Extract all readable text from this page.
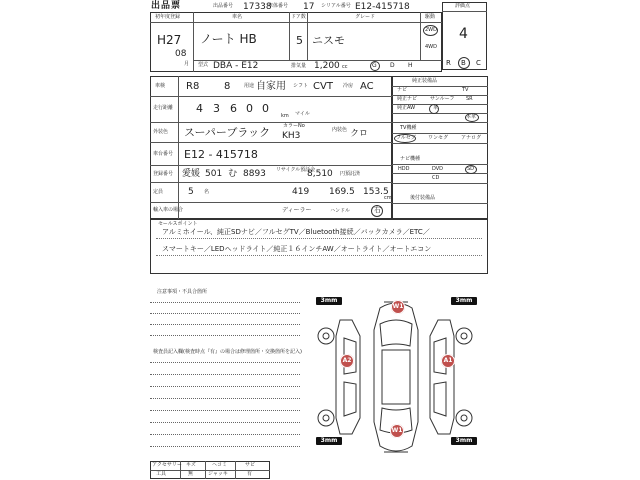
出品票	出品番号 17338
車体番号 17 シリアル番号 E12-415718
初年度登録
H27
08
月
車名
ノート HB
ドア数
5
グレード
ニスモ
駆動
2WD
4WD
型式 DBA - E12	排気量 1,200 cc	G D H
評価点
4
R B C
車検 R8 8	用途 自家用 シフト CVT 冷房 AC
走行距離 4 3 6 0 0
km マイル
外装色 スーパーブラック	カラーNo
KH3
内装色 クロ
車台番号 E12 - 415718
登録番号 愛媛 501 む 8893 リサイクル預託金
8,510 円預託済
定員	5 名	419 169.5 153.5
cm
輸入車の場合	ディーラー	ハンドル	右
純正装備品
ナビ	TV
純正ナビ	サンルーフ SR
純正AW	革
本革
TV機種
フルセグ ワンセグ	アナログ
ナビ機種
HDD	DVD	SD
CD
後付装備品
セールスポイント
アルミホイール、純正SDナビ／フルセグTV／Bluetooth接続／バックカメラ／ETC／
スマートキー／LEDヘッドライト／純正１６インチAW／オートライト／オートエコン
注意事項・不具合箇所
検査員記入欄(検査時点『有』の場合は修理箇所・交換箇所を記入)
3mm	3mm
3mm	3mm
W1
A2	A1
W1
アクセサリー キズ	ヘコミ	サビ
工具	無	ジャッキ	有
